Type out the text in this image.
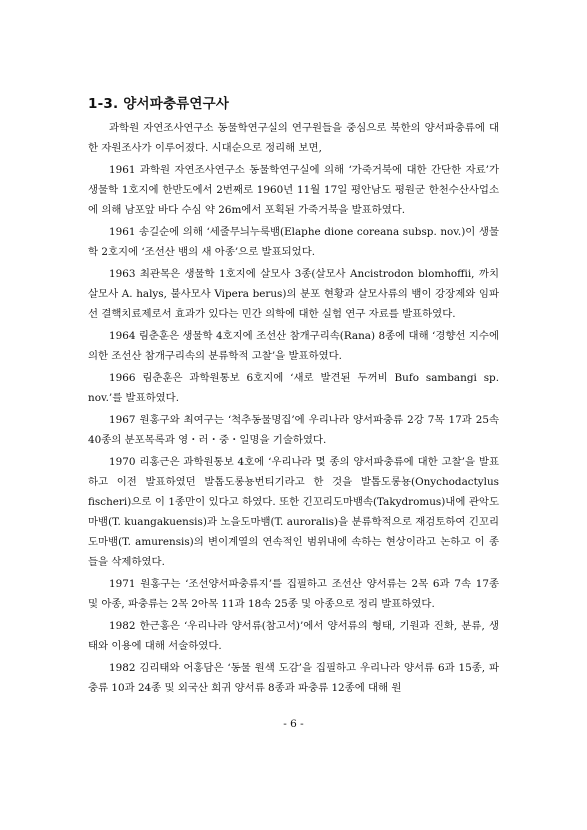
1-3. 양서파충류연구사

과학원 자연조사연구소 동물학연구실의 연구원들을 중심으로 북한의 양서파충류에 대한 자원조사가 이루어졌다. 시대순으로 정리해 보면,

1961 과학원 자연조사연구소 동물학연구실에 의해 ‘가죽거북에 대한 간단한 자료’가 생물학 1호지에 한반도에서 2번째로 1960년 11월 17일 평안남도 평원군 한천수산사업소에 의해 남포앞 바다 수심 약 26m에서 포획된 가죽거북을 발표하였다.

1961 송길순에 의해 ‘세줄무늬누룩뱀(Elaphe dione coreana subsp. nov.)이 생물학 2호지에 ‘조선산 뱀의 새 아종’으로 발표되었다.

1963 최관목은 생물학 1호지에 살모사 3종(살모사 Ancistrodon blomhoffii, 까치살모사 A. halys, 불사모사 Vipera berus)의 분포 현황과 살모사류의 뱀이 강장제와 임파선 결핵치료제로서 효과가 있다는 민간 의학에 대한 실험 연구 자료를 발표하였다.

1964 림춘훈은 생물학 4호지에 조선산 참개구리속(Rana) 8종에 대해 ‘경향선 지수에 의한 조선산 참개구리속의 분류학적 고찰’을 발표하였다.

1966 림춘훈은 과학원통보 6호지에 ‘새로 발견된 두꺼비 Bufo sambangi sp. nov.’를 발표하였다.

1967 원홍구와 최여구는 ‘척추동물명집’에 우리나라 양서파충류 2강 7목 17과 25속 40종의 분포목록과 영・러・중・일명을 기술하였다.

1970 리홍근은 과학원통보 4호에 ‘우리나라 몇 종의 양서파충류에 대한 고찰’을 발표하고 이전 발표하였던 발톱도롱뇽번티기라고 한 것을 발톱도롱뇽(Onychodactylus fischeri)으로 이 1종만이 있다고 하였다. 또한 긴꼬리도마뱀속(Takydromus)내에 관악도마뱀(T. kuangakuensis)과 노을도마뱀(T. auroralis)을 분류학적으로 재검토하여 긴꼬리도마뱀(T. amurensis)의 변이계열의 연속적인 범위내에 속하는 현상이라고 논하고 이 종들을 삭제하였다.

1971 원홍구는 ‘조선양서파충류지’를 집필하고 조선산 양서류는 2목 6과 7속 17종 및 아종, 파충류는 2목 2아목 11과 18속 25종 및 아종으로 정리 발표하였다.

1982 한근홍은 ‘우리나라 양서류(참고서)’에서 양서류의 형태, 기원과 진화, 분류, 생태와 이용에 대해 서술하였다.

1982 김리태와 어홍담은 ‘동물 원색 도감’을 집필하고 우리나라 양서류 6과 15종, 파충류 10과 24종 및 외국산 희귀 양서류 8종과 파충류 12종에 대해 원

- 6 -
